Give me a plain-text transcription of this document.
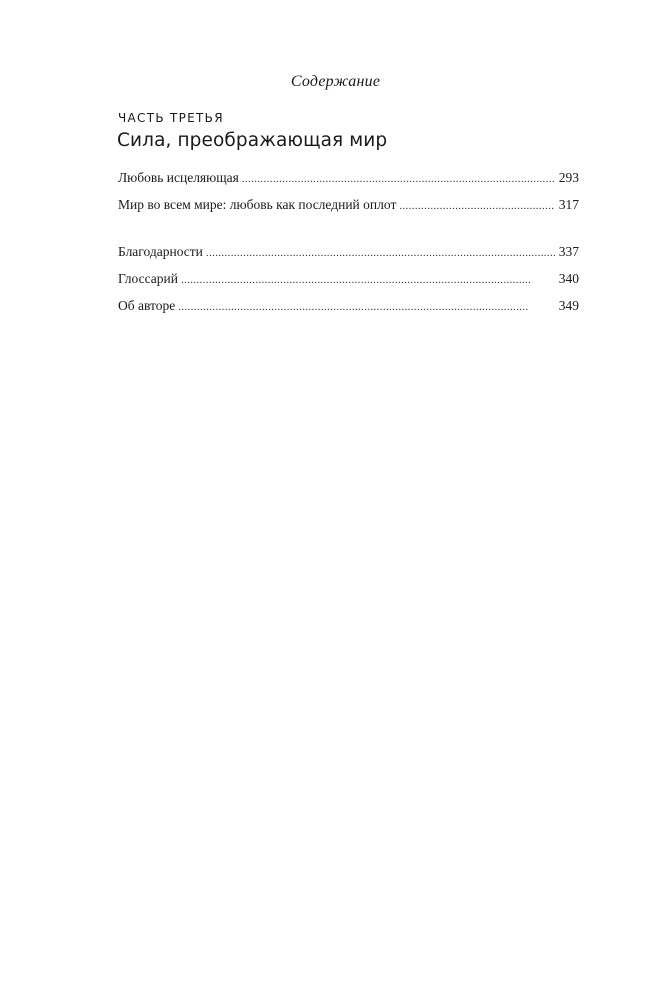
Содержание
ЧАСТЬ ТРЕТЬЯ
Сила, преображающая мир
Любовь исцеляющая . . .	293
Мир во всем мире: любовь как последний оплот . . .	317
Благодарности . . .	337
Глоссарий . . .	340
Об авторе . . .	349
